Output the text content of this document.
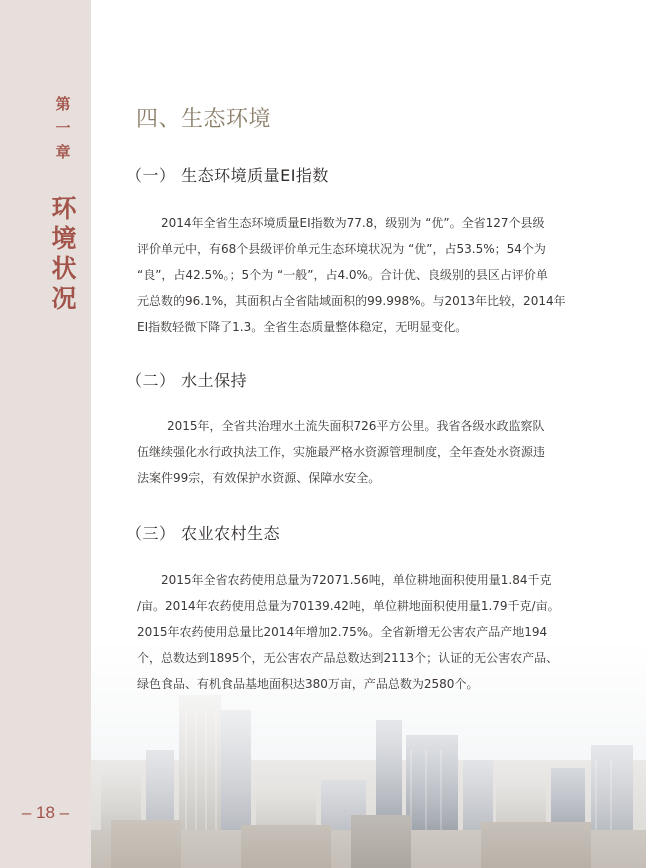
第
一
章
环
境
状
况
– 18 –
四、生态环境
（一） 生态环境质量EI指数
2014年全省生态环境质量EI指数为77.8，级别为 “优”。全省127个县级
评价单元中，有68个县级评价单元生态环境状况为 “优”，占53.5%；54个为
“良”，占42.5%。；5个为 “一般”，占4.0%。合计优、良级别的县区占评价单
元总数的96.1%，其面积占全省陆域面积的99.998%。与2013年比较，2014年
EI指数轻微下降了1.3。全省生态质量整体稳定，无明显变化。
（二） 水土保持
2015年，全省共治理水土流失面积726平方公里。我省各级水政监察队
伍继续强化水行政执法工作，实施最严格水资源管理制度，全年查处水资源违
法案件99宗，有效保护水资源、保障水安全。
（三） 农业农村生态
2015年全省农药使用总量为72071.56吨，单位耕地面积使用量1.84千克
/亩。2014年农药使用总量为70139.42吨，单位耕地面积使用量1.79千克/亩。
2015年农药使用总量比2014年增加2.75%。全省新增无公害农产品产地194
个，总数达到1895个，无公害农产品总数达到2113个；认证的无公害农产品、
绿色食品、有机食品基地面积达380万亩，产品总数为2580个。
